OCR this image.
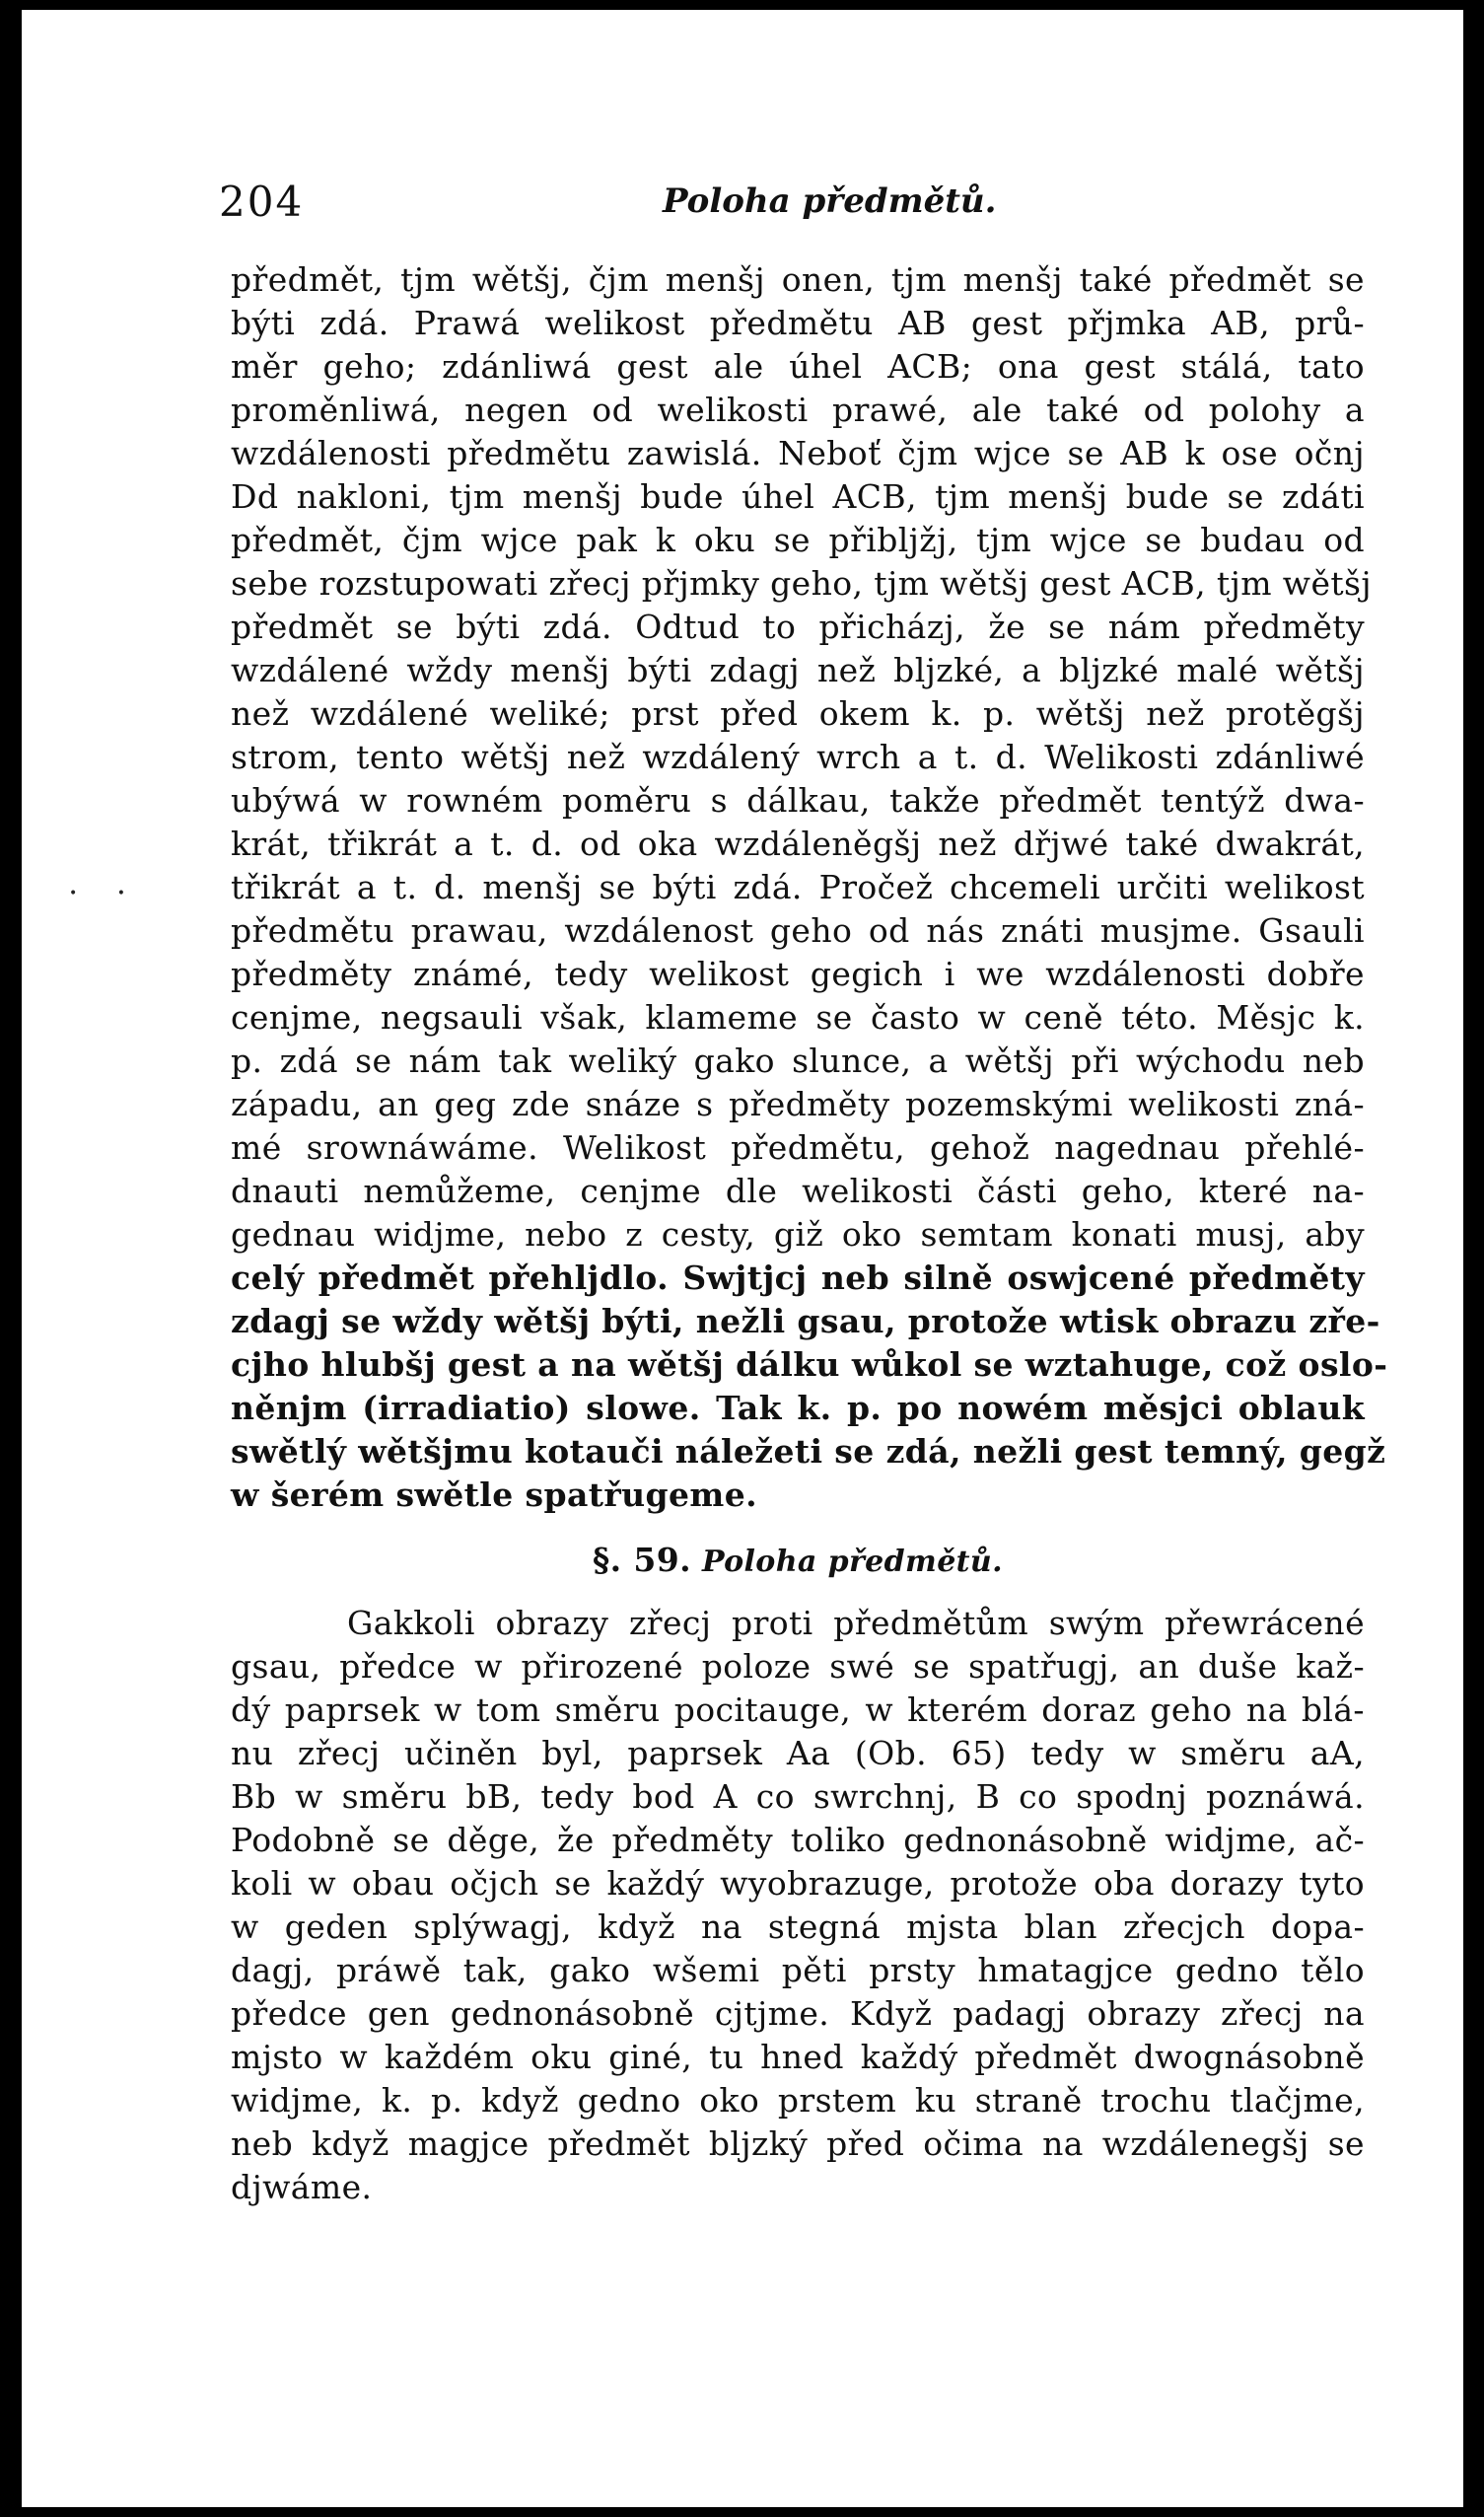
• •
204	Poloha předmětů.
předmět, tjm wětšj, čjm menšj onen, tjm menšj také předmět se
býti zdá. Prawá welikost předmětu AB gest přjmka AB, prů-
měr geho; zdánliwá gest ale úhel ACB; ona gest stálá, tato
proměnliwá, negen od welikosti prawé, ale také od polohy a
wzdálenosti předmětu zawislá. Neboť čjm wjce se AB k ose očnj
Dd nakloni, tjm menšj bude úhel ACB, tjm menšj bude se zdáti
předmět, čjm wjce pak k oku se přibljžj, tjm wjce se budau od
sebe rozstupowati zřecj přjmky geho, tjm wětšj gest ACB, tjm wětšj
předmět se býti zdá. Odtud to přicházj, že se nám předměty
wzdálené wždy menšj býti zdagj než bljzké, a bljzké malé wětšj
než wzdálené weliké; prst před okem k. p. wětšj než protěgšj
strom, tento wětšj než wzdálený wrch a t. d. Welikosti zdánliwé
ubýwá w rowném poměru s dálkau, takže předmět tentýž dwa-
krát, třikrát a t. d. od oka wzdáleněgšj než dřjwé také dwakrát,
třikrát a t. d. menšj se býti zdá. Pročež chcemeli určiti welikost
předmětu prawau, wzdálenost geho od nás znáti musjme. Gsauli
předměty známé, tedy welikost gegich i we wzdálenosti dobře
cenjme, negsauli však, klameme se často w ceně této. Měsjc k.
p. zdá se nám tak weliký gako slunce, a wětšj při wýchodu neb
západu, an geg zde snáze s předměty pozemskými welikosti zná-
mé srownáwáme. Welikost předmětu, gehož nagednau přehlé-
dnauti nemůžeme, cenjme dle welikosti části geho, které na-
gednau widjme, nebo z cesty, giž oko semtam konati musj, aby
celý předmět přehljdlo. Swjtjcj neb silně oswjcené předměty
zdagj se wždy wětšj býti, nežli gsau, protože wtisk obrazu zře-
cjho hlubšj gest a na wětšj dálku wůkol se wztahuge, což oslo-
něnjm (irradiatio) slowe. Tak k. p. po nowém měsjci oblauk
swětlý wětšjmu kotauči náležeti se zdá, nežli gest temný, gegž
w šerém swětle spatřugeme.
§. 59. Poloha předmětů.
Gakkoli obrazy zřecj proti předmětům swým přewrácené
gsau, předce w přirozené poloze swé se spatřugj, an duše kaž-
dý paprsek w tom směru pocitauge, w kterém doraz geho na blá-
nu zřecj učiněn byl, paprsek Aa (Ob. 65) tedy w směru aA,
Bb w směru bB, tedy bod A co swrchnj, B co spodnj poznáwá.
Podobně se děge, že předměty toliko gednonásobně widjme, ač-
koli w obau očjch se každý wyobrazuge, protože oba dorazy tyto
w geden splýwagj, když na stegná mjsta blan zřecjch dopa-
dagj, práwě tak, gako wšemi pěti prsty hmatagjce gedno tělo
předce gen gednonásobně cjtjme. Když padagj obrazy zřecj na
mjsto w každém oku giné, tu hned každý předmět dwognásobně
widjme, k. p. když gedno oko prstem ku straně trochu tlačjme,
neb když magjce předmět bljzký před očima na wzdálenegšj se
djwáme.
